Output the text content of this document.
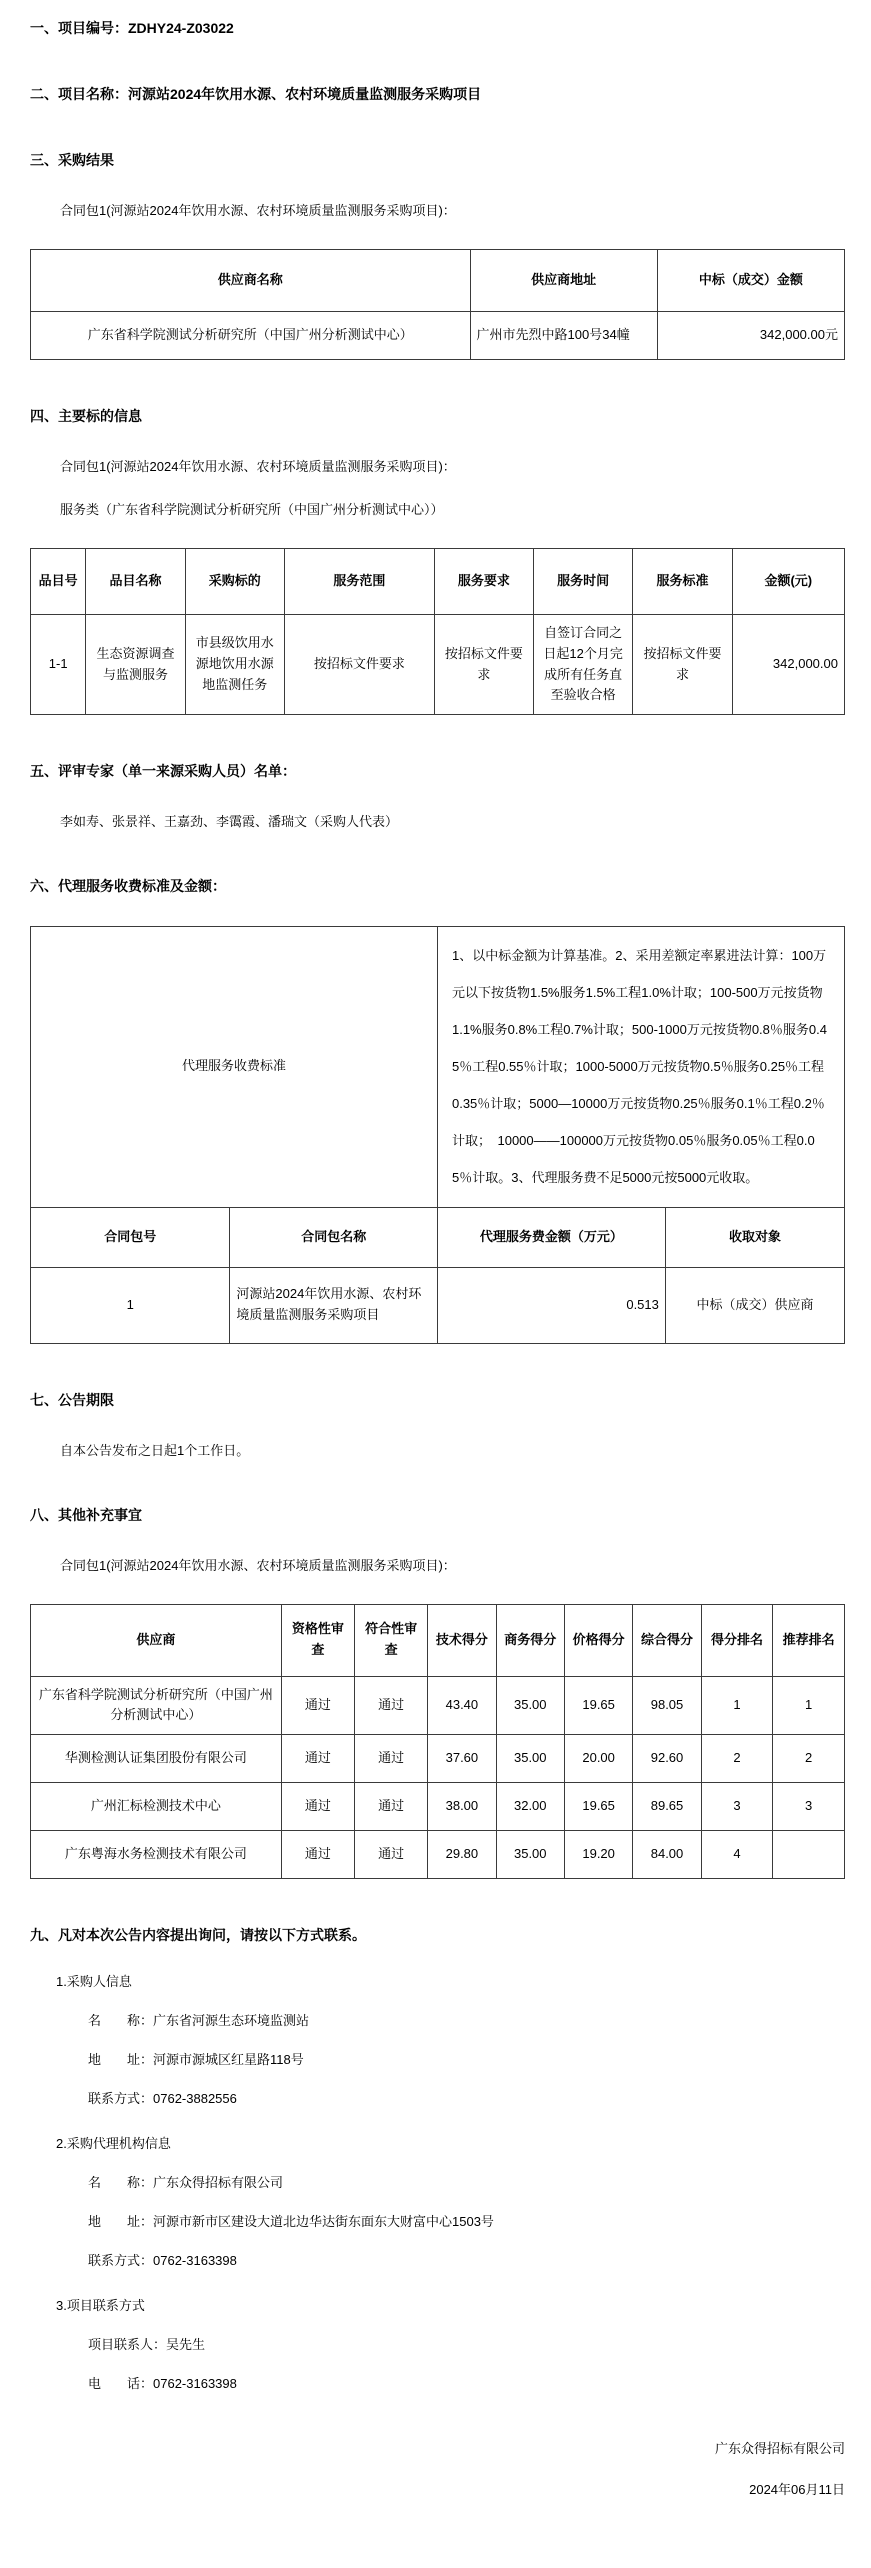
一、项目编号：ZDHY24-Z03022

二、项目名称：河源站2024年饮用水源、农村环境质量监测服务采购项目

三、采购结果

合同包1(河源站2024年饮用水源、农村环境质量监测服务采购项目)：

供应商名称	供应商地址	中标（成交）金额
广东省科学院测试分析研究所（中国广州分析测试中心）	广州市先烈中路100号34幢	342,000.00元

四、主要标的信息

合同包1(河源站2024年饮用水源、农村环境质量监测服务采购项目)：

服务类（广东省科学院测试分析研究所（中国广州分析测试中心））

品目号	品目名称	采购标的	服务范围	服务要求	服务时间	服务标准	金额(元)
1-1	生态资源调查与监测服务	市县级饮用水源地饮用水源地监测任务	按招标文件要求	按招标文件要求	自签订合同之日起12个月完成所有任务直至验收合格	按招标文件要求	342,000.00

五、评审专家（单一来源采购人员）名单：

李如寿、张景祥、王嘉劲、李霭霞、潘瑞文（采购人代表）

六、代理服务收费标准及金额：

代理服务收费标准		1、以中标金额为计算基准。2、采用差额定率累进法计算：100万元以下按货物1.5%服务1.5%工程1.0%计取；100-500万元按货物1.1%服务0.8%工程0.7%计取；500-1000万元按货物0.8％服务0.45％工程0.55％计取；1000-5000万元按货物0.5％服务0.25％工程0.35％计取；5000—10000万元按货物0.25％服务0.1％工程0.2％计取；　10000——100000万元按货物0.05％服务0.05％工程0.05％计取。3、代理服务费不足5000元按5000元收取。	
合同包号	合同包名称	代理服务费金额（万元）	收取对象
1	河源站2024年饮用水源、农村环境质量监测服务采购项目	0.513	中标（成交）供应商

七、公告期限

自本公告发布之日起1个工作日。

八、其他补充事宜

合同包1(河源站2024年饮用水源、农村环境质量监测服务采购项目)：

供应商	资格性审查	符合性审查	技术得分	商务得分	价格得分	综合得分	得分排名	推荐排名
广东省科学院测试分析研究所（中国广州分析测试中心）	通过	通过	43.40	35.00	19.65	98.05	1	1
华测检测认证集团股份有限公司	通过	通过	37.60	35.00	20.00	92.60	2	2
广州汇标检测技术中心	通过	通过	38.00	32.00	19.65	89.65	3	3
广东粤海水务检测技术有限公司	通过	通过	29.80	35.00	19.20	84.00	4	

九、凡对本次公告内容提出询问，请按以下方式联系。

1.采购人信息

名　　称：广东省河源生态环境监测站

地　　址：河源市源城区红星路118号

联系方式：0762-3882556

2.采购代理机构信息

名　　称：广东众得招标有限公司

地　　址：河源市新市区建设大道北边华达街东面东大财富中心1503号

联系方式：0762-3163398

3.项目联系方式

项目联系人：吴先生

电　　话：0762-3163398

广东众得招标有限公司

2024年06月11日
